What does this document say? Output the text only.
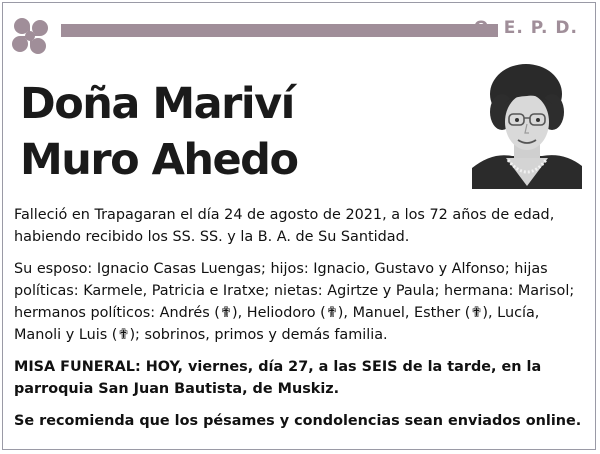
Q. E. P. D.
Doña Mariví
Muro Ahedo

Falleció en Trapagaran el día 24 de agosto de 2021, a los 72 años de edad, habiendo recibido los SS. SS. y la B. A. de Su Santidad.

Su esposo: Ignacio Casas Luengas; hijos: Ignacio, Gustavo y Alfonso; hijas políticas: Karmele, Patricia e Iratxe; nietas: Agirtze y Paula; hermana: Marisol; hermanos políticos: Andrés (✟), Heliodoro (✟), Manuel, Esther (✟), Lucía, Manoli y Luis (✟); sobrinos, primos y demás familia.

MISA FUNERAL: HOY, viernes, día 27, a las SEIS de la tarde, en la parroquia San Juan Bautista, de Muskiz.

Se recomienda que los pésames y condolencias sean enviados online.
